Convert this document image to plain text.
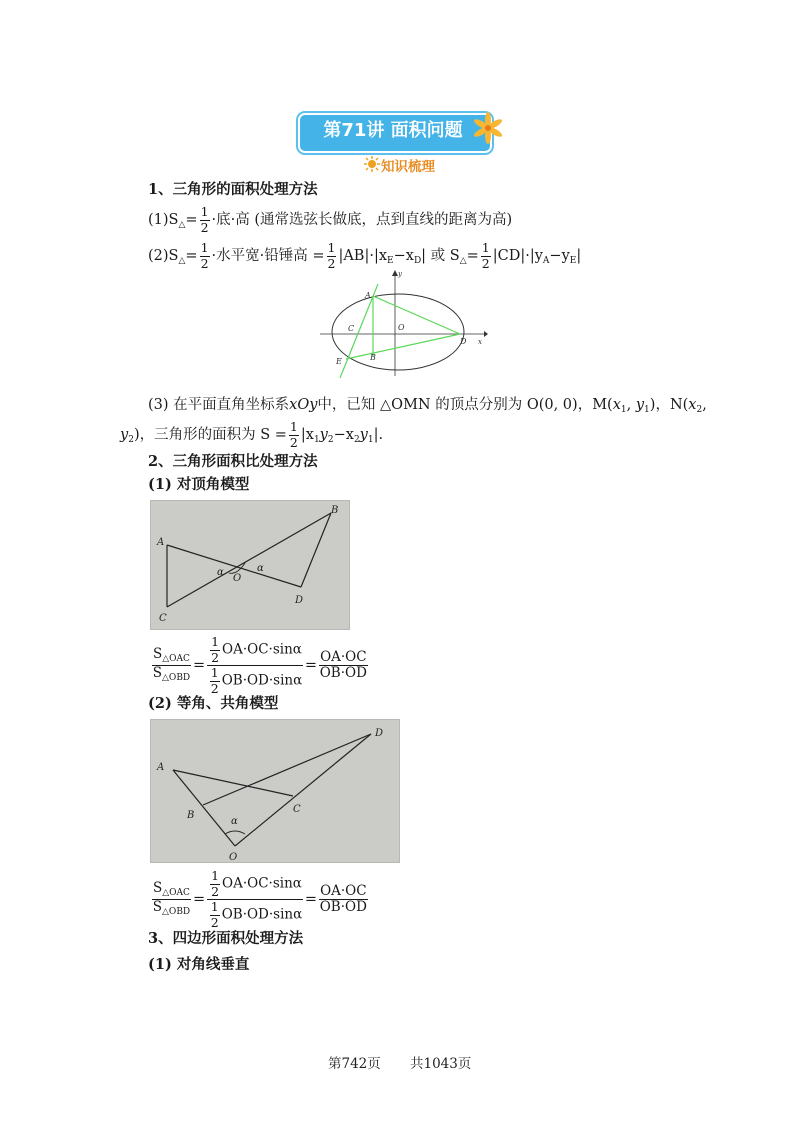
第71讲 面积问题
知识梳理
1、三角形的面积处理方法
$(1)S_\triangle= \frac{1}{2}$ ·底·高 (通常选弦长做底，点到直线的距离为高)
$(2)S_\triangle= \frac{1}{2}$ ·水平宽·铅锤高 = $\frac{1}{2} |AB|\cdot|x_E-x_D|$ 或 $S_\triangle= \frac{1}{2} |CD|\cdot|y_A-y_E|$
A
B
C
D
E
O
x
y
(3) 在平面直角坐标系xOy中，已知 △OMN 的顶点分别为 O(0, 0)，$M(x_1$, $y_1$)，$N(x_2$,
$y_2$)，三角形的面积为 $S = \frac{1}{2} |x_1y_2-x_2y_1|$.
2、三角形面积比处理方法
(1) 对顶角模型
A
B
C
D
O
α	α
$\frac{S_{\triangle OAC}}{S_{\triangle OBD}} = \frac{\frac{1}{2} OA\cdot OC\cdot\sin\alpha}{\frac{1}{2} OB\cdot OD\cdot\sin\alpha} = \frac{OA\cdot OC}{OB\cdot OD}$
(2) 等角、共角模型
A
B
C
D
O
α
$\frac{S_{\triangle OAC}}{S_{\triangle OBD}} = \frac{\frac{1}{2} OA\cdot OC\cdot\sin\alpha}{\frac{1}{2} OB\cdot OD\cdot\sin\alpha} = \frac{OA\cdot OC}{OB\cdot OD}$
3、四边形面积处理方法
(1) 对角线垂直
第742页 共1043页
